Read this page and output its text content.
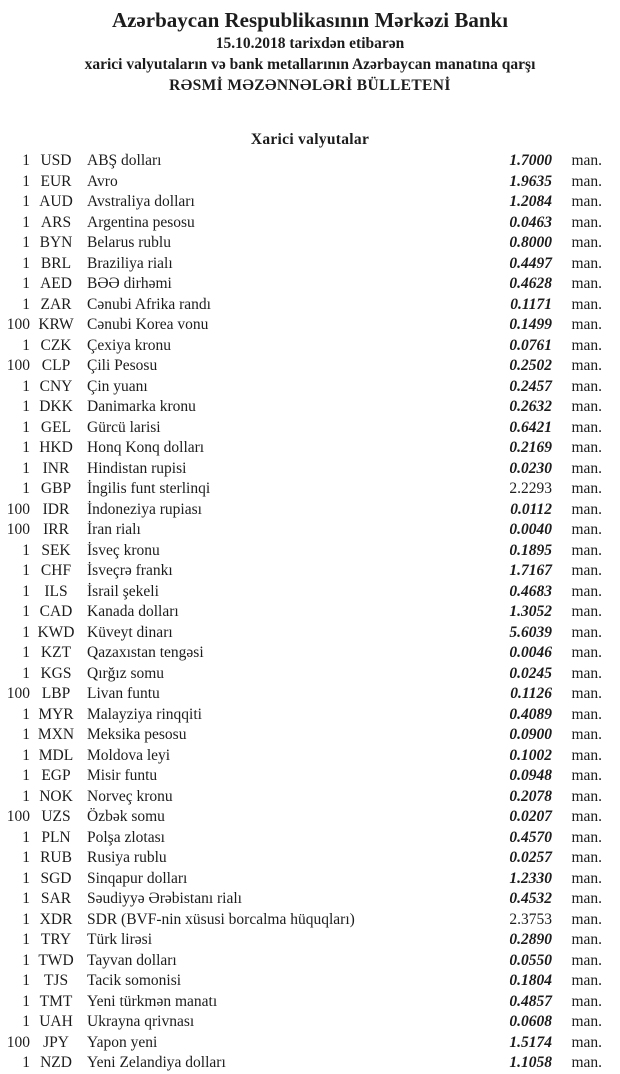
Azərbaycan Respublikasının Mərkəzi Bankı
15.10.2018 tarixdən etibarən
xarici valyutaların və bank metallarının Azərbaycan manatına qarşı
RƏSMİ MƏZƏNNƏLƏRİ BÜLLETENİ
Xarici valyutalar
1 USD	ABŞ dolları	1.7000	man.
1 EUR	Avro	1.9635	man.
1 AUD Avstraliya dolları	1.2084	man.
1 ARS	Argentina pesosu	0.0463	man.
1 BYN Belarus rublu	0.8000	man.
1 BRL	Braziliya rialı	0.4497	man.
1 AED BƏƏ dirhəmi	0.4628	man.
1 ZAR	Cənubi Afrika randı	0.1171	man.
100 KRW Cənubi Korea vonu	0.1499	man.
1 CZK	Çexiya kronu	0.0761	man.
100 CLP	Çili Pesosu	0.2502	man.
1 CNY Çin yuanı	0.2457	man.
1 DKK Danimarka kronu	0.2632	man.
1 GEL	Gürcü larisi	0.6421	man.
1 HKD Honq Konq dolları	0.2169	man.
1 INR	Hindistan rupisi	0.0230	man.
1 GBP	İngilis funt sterlinqi	2.2293	man.
100 IDR	İndoneziya rupiası	0.0112	man.
100 IRR	İran rialı	0.0040	man.
1 SEK	İsveç kronu	0.1895	man.
1 CHF	İsveçrə frankı	1.7167	man.
1 ILS	İsrail şekeli	0.4683	man.
1 CAD Kanada dolları	1.3052	man.
1 KWD Küveyt dinarı	5.6039	man.
1 KZT	Qazaxıstan tengəsi	0.0046	man.
1 KGS	Qırğız somu	0.0245	man.
100 LBP	Livan funtu	0.1126	man.
1 MYR Malayziya rinqqiti	0.4089	man.
1 MXN Meksika pesosu	0.0900	man.
1 MDL Moldova leyi	0.1002	man.
1 EGP	Misir funtu	0.0948	man.
1 NOK Norveç kronu	0.2078	man.
100 UZS	Özbək somu	0.0207	man.
1 PLN	Polşa zlotası	0.4570	man.
1 RUB Rusiya rublu	0.0257	man.
1 SGD	Sinqapur dolları	1.2330	man.
1 SAR	Səudiyyə Ərəbistanı rialı	0.4532	man.
1 XDR SDR (BVF-nin xüsusi borcalma hüquqları)	2.3753	man.
1 TRY	Türk lirəsi	0.2890	man.
1 TWD Tayvan dolları	0.0550	man.
1 TJS	Tacik somonisi	0.1804	man.
1 TMT Yeni türkmən manatı	0.4857	man.
1 UAH Ukrayna qrivnası	0.0608	man.
100 JPY	Yapon yeni	1.5174	man.
1 NZD Yeni Zelandiya dolları	1.1058	man.
